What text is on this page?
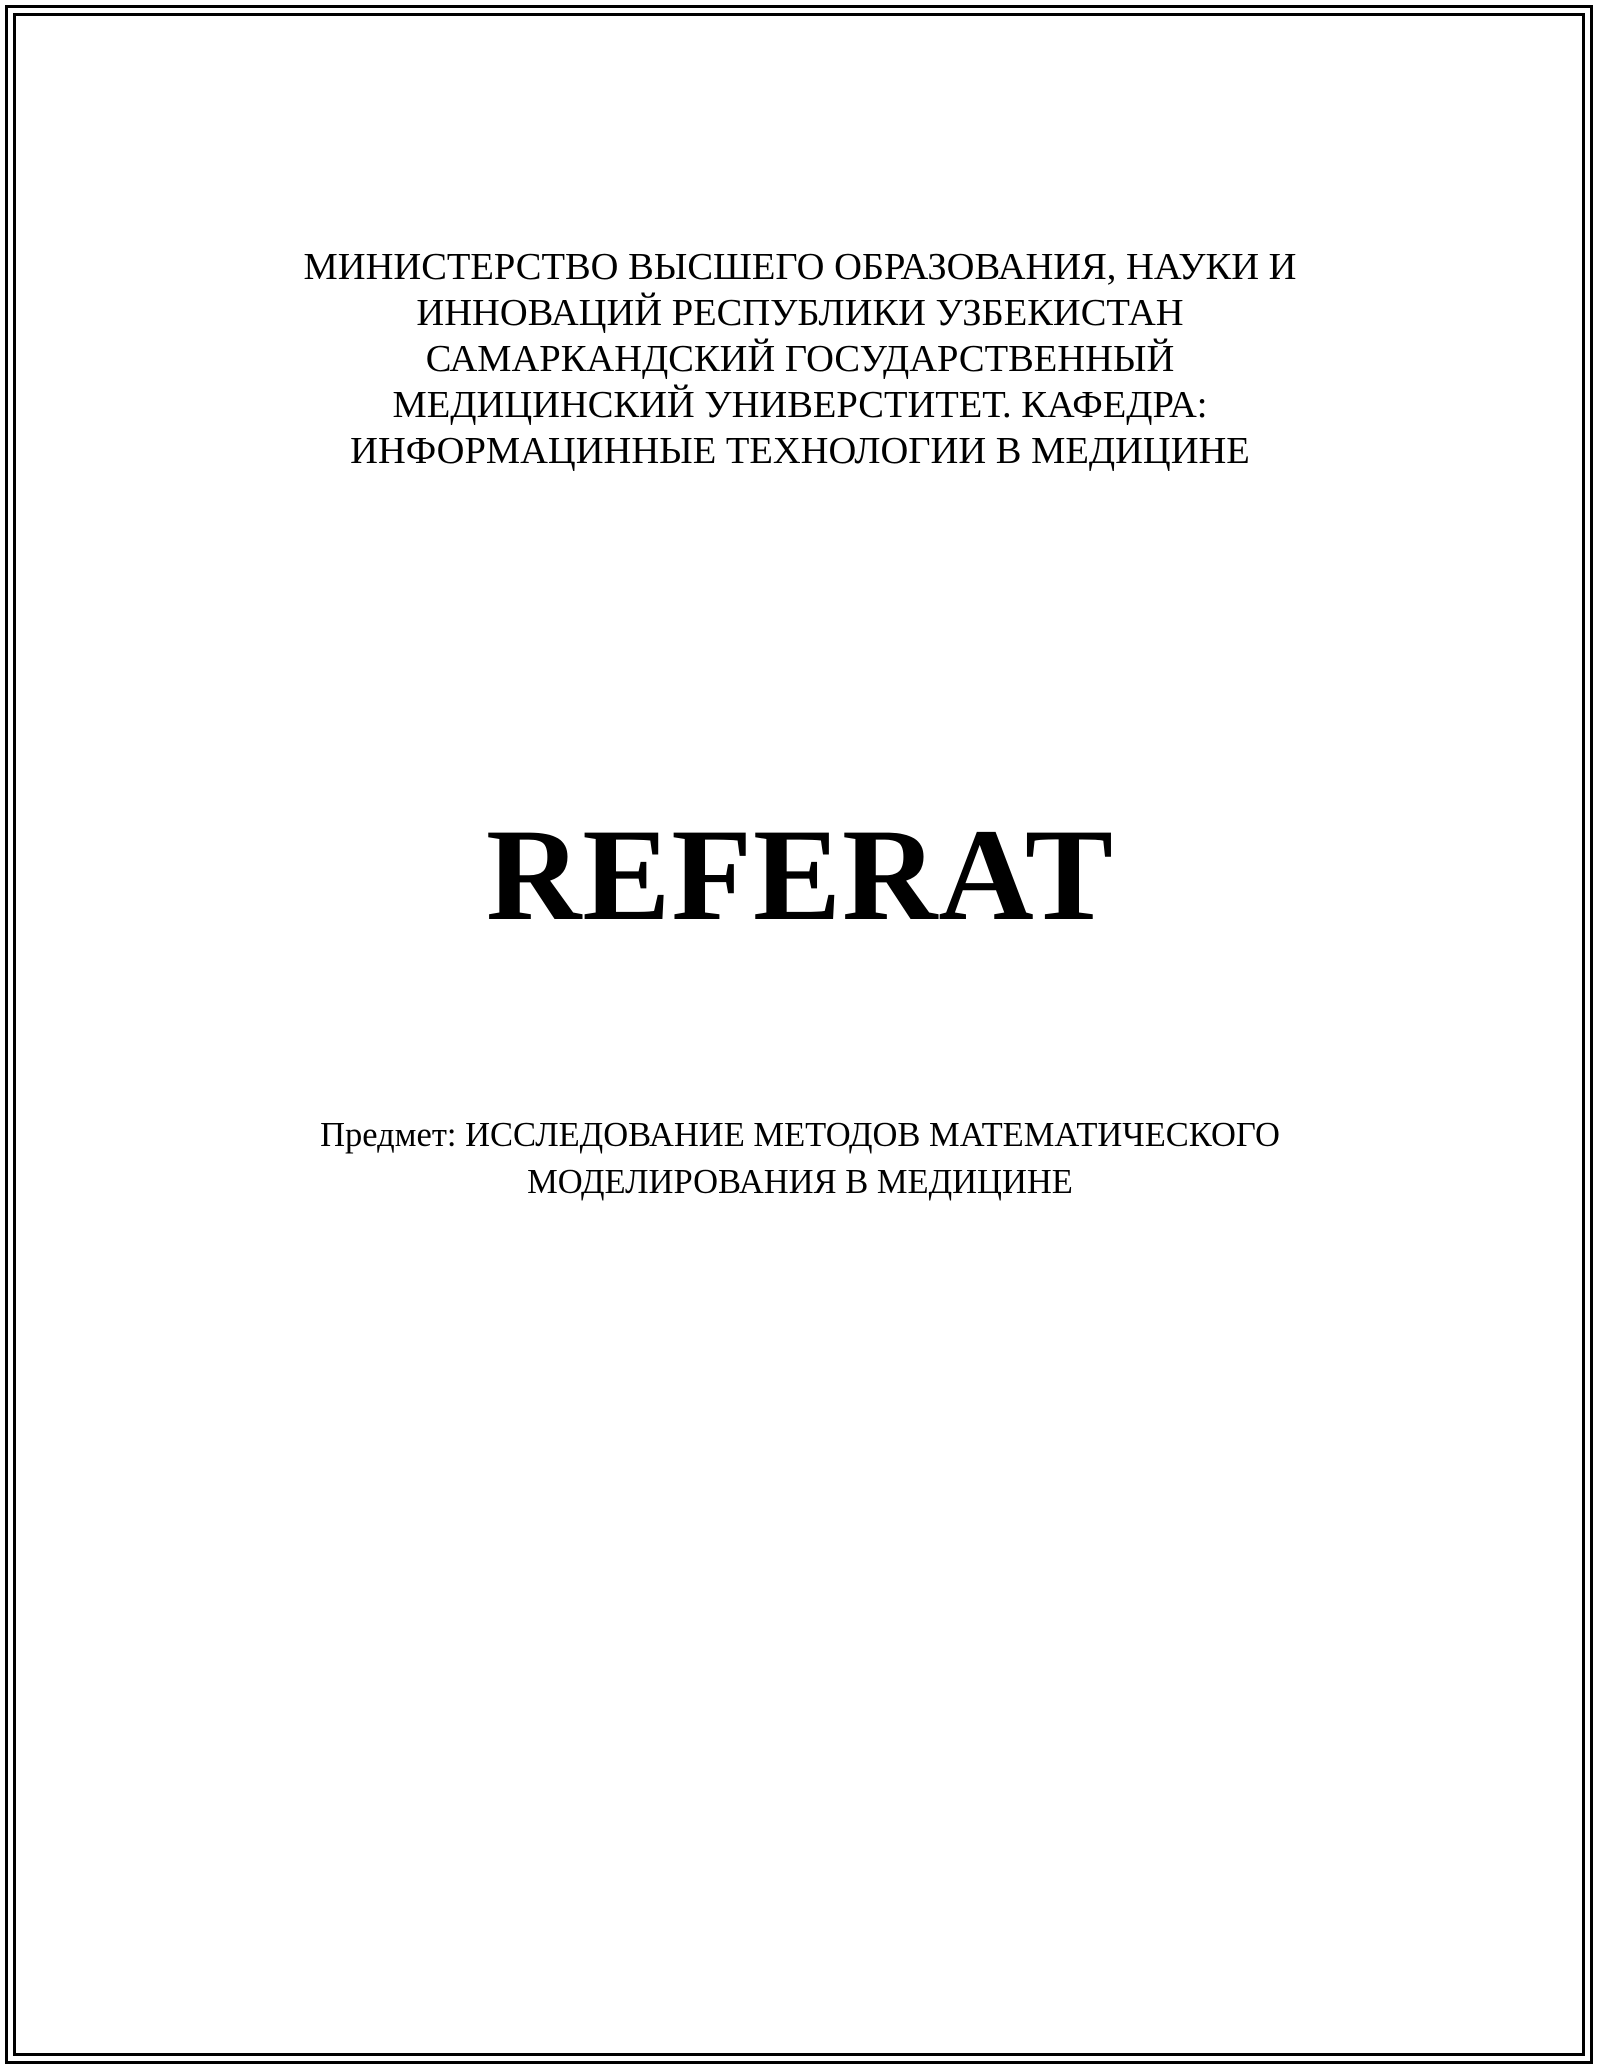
МИНИСТЕРСТВО ВЫСШЕГО ОБРАЗОВАНИЯ, НАУКИ И
ИННОВАЦИЙ РЕСПУБЛИКИ УЗБЕКИСТАН
САМАРКАНДСКИЙ ГОСУДАРСТВЕННЫЙ
МЕДИЦИНСКИЙ УНИВЕРСТИТЕТ. КАФЕДРА:
ИНФОРМАЦИННЫЕ ТЕХНОЛОГИИ В МЕДИЦИНЕ
REFERAT
Предмет: ИССЛЕДОВАНИЕ МЕТОДОВ МАТЕМАТИЧЕСКОГО
МОДЕЛИРОВАНИЯ В МЕДИЦИНЕ
